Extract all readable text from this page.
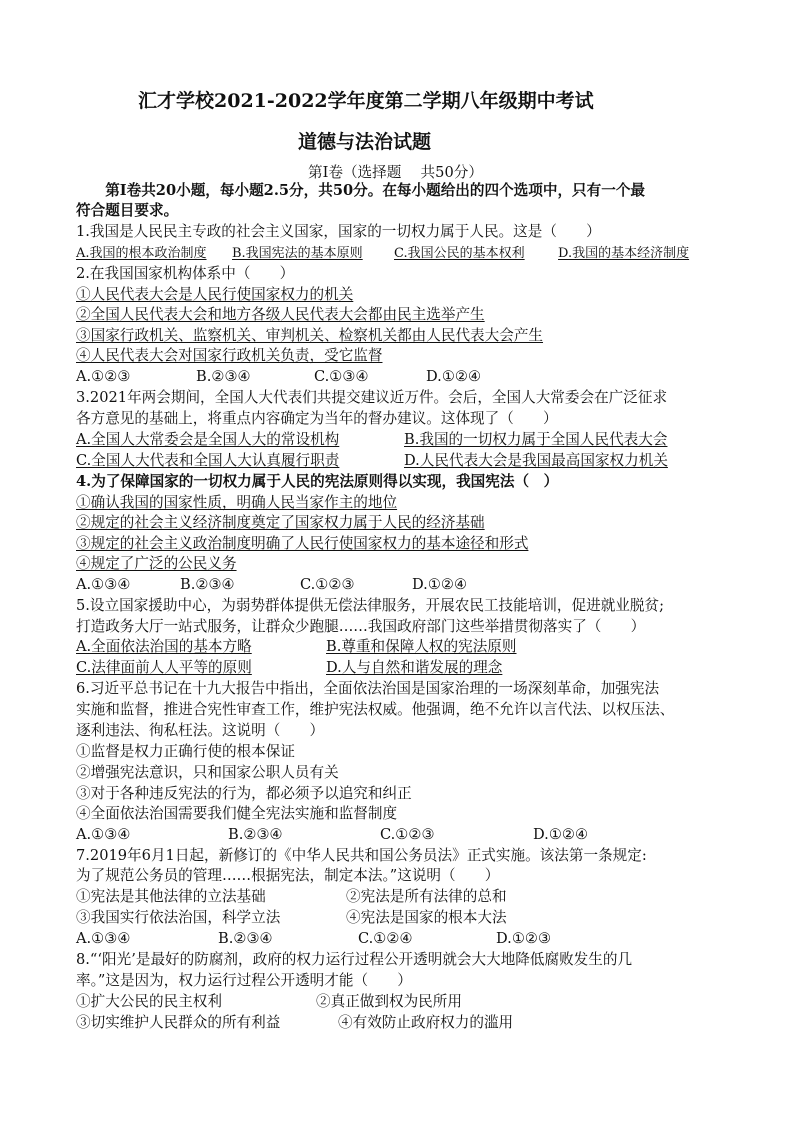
汇才学校2021-2022学年度第二学期八年级期中考试
道德与法治试题
第Ⅰ卷（选择题　 共50分）
　　第Ⅰ卷共20小题，每小题2.5分，共50分。在每小题给出的四个选项中，只有一个最
符合题目要求。
1.我国是人民民主专政的社会主义国家，国家的一切权力属于人民。这是（　　）
A.我国的根本政治制度 B.我国宪法的基本原则 C.我国公民的基本权利	D.我国的基本经济制度
2.在我国国家机构体系中（　　）
①人民代表大会是人民行使国家权力的机关
②全国人民代表大会和地方各级人民代表大会都由民主选举产生
③国家行政机关、监察机关、审判机关、检察机关都由人民代表大会产生
④人民代表大会对国家行政机关负责，受它监督
A.①②③	B.②③④	C.①③④	D.①②④
3.2021年两会期间，全国人大代表们共提交建议近万件。会后，全国人大常委会在广泛征求
各方意见的基础上，将重点内容确定为当年的督办建议。这体现了（　　）
A.全国人大常委会是全国人大的常设机构	B.我国的一切权力属于全国人民代表大会
C.全国人大代表和全国人大认真履行职责	D.人民代表大会是我国最高国家权力机关
4.为了保障国家的一切权力属于人民的宪法原则得以实现，我国宪法（　）
①确认我国的国家性质，明确人民当家作主的地位
②规定的社会主义经济制度奠定了国家权力属于人民的经济基础
③规定的社会主义政治制度明确了人民行使国家权力的基本途径和形式
④规定了广泛的公民义务
A.①③④	B.②③④	C.①②③	D.①②④
5.设立国家援助中心，为弱势群体提供无偿法律服务，开展农民工技能培训，促进就业脱贫;
打造政务大厅一站式服务，让群众少跑腿……我国政府部门这些举措贯彻落实了（　　）
A.全面依法治国的基本方略	B.尊重和保障人权的宪法原则
C.法律面前人人平等的原则	D.人与自然和谐发展的理念
6.习近平总书记在十九大报告中指出，全面依法治国是国家治理的一场深刻革命，加强宪法
实施和监督，推进合宪性审查工作，维护宪法权威。他强调，绝不允许以言代法、以权压法、
逐利违法、徇私枉法。这说明（　　）
①监督是权力正确行使的根本保证
②增强宪法意识，只和国家公职人员有关
③对于各种违反宪法的行为，都必须予以追究和纠正
④全面依法治国需要我们健全宪法实施和监督制度
A.①③④	B.②③④	C.①②③	D.①②④
7.2019年6月1日起，新修订的《中华人民共和国公务员法》正式实施。该法第一条规定:
为了规范公务员的管理……根据宪法，制定本法。”这说明（　　）
①宪法是其他法律的立法基础	②宪法是所有法律的总和
③我国实行依法治国，科学立法	④宪法是国家的根本大法
A.①③④	B.②③④	C.①②④	D.①②③
8.“‘阳光’是最好的防腐剂，政府的权力运行过程公开透明就会大大地降低腐败发生的几
率。”这是因为，权力运行过程公开透明才能（　　）
①扩大公民的民主权利	②真正做到权为民所用
③切实维护人民群众的所有利益	④有效防止政府权力的滥用
